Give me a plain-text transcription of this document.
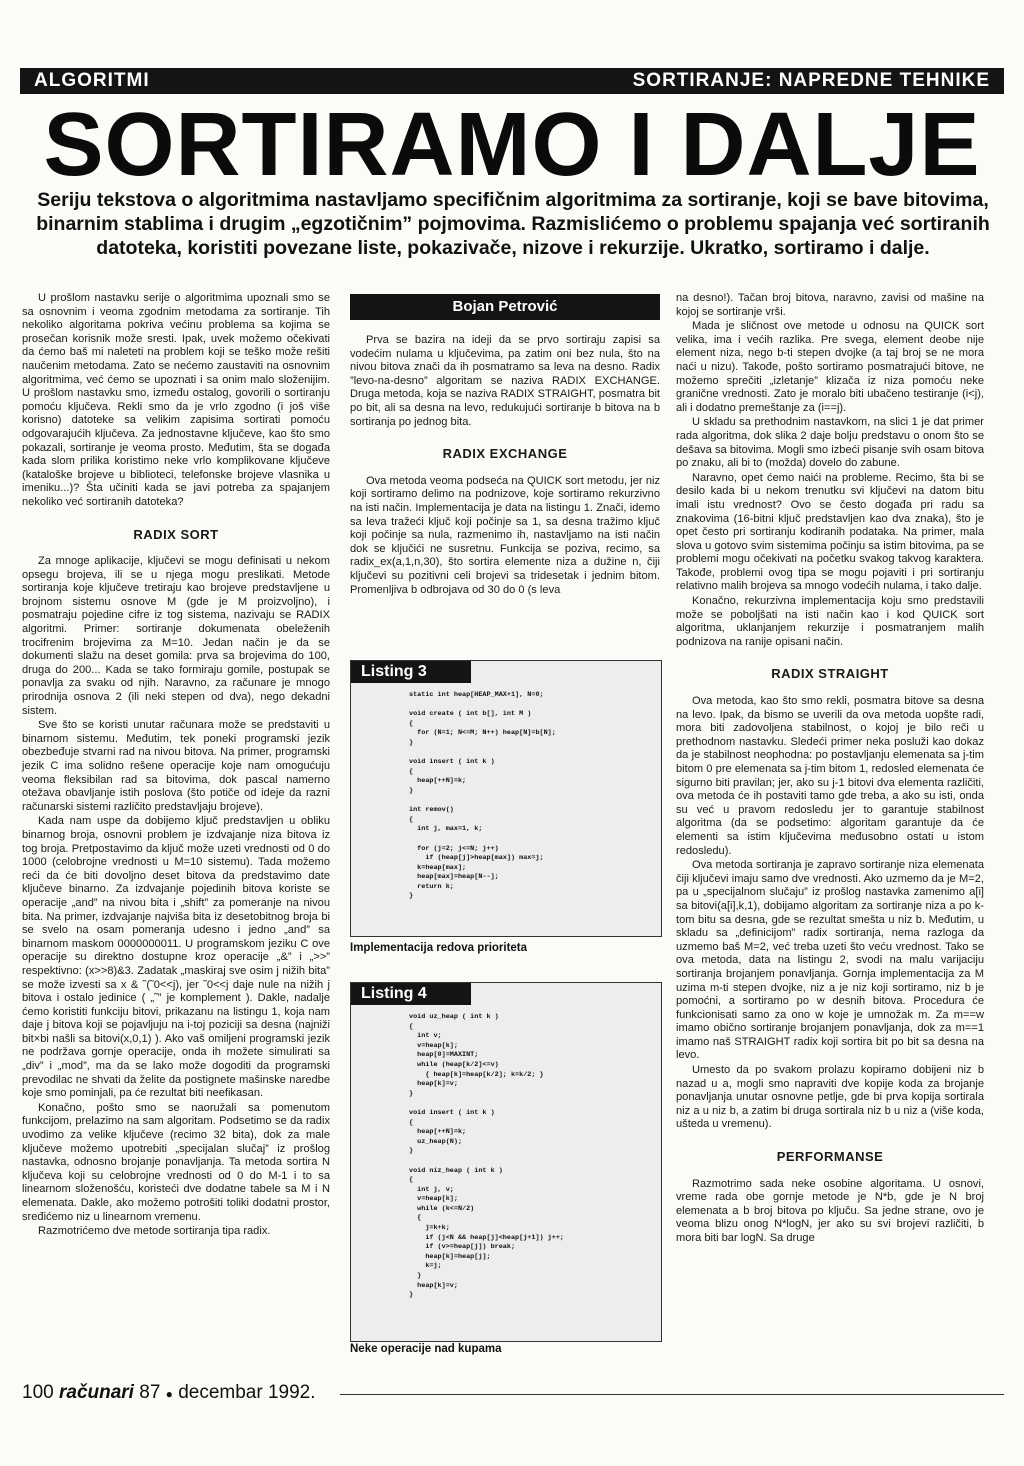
ALGORITMI	SORTIRANJE: NAPREDNE TEHNIKE
SORTIRAMO I DALJE
Seriju tekstova o algoritmima nastavljamo specifičnim algoritmima za sortiranje, koji se bave bitovima, binarnim stablima i drugim „egzotičnim” pojmovima. Razmislićemo o problemu spajanja već sortiranih datoteka, koristiti povezane liste, pokazivače, nizove i rekurzije. Ukratko, sortiramo i dalje.

U prošlom nastavku serije o algoritmima upoznali smo se sa osnovnim i veoma zgodnim metodama za sortiranje. Tih nekoliko algoritama pokriva većinu problema sa kojima se prosečan korisnik može sresti. Ipak, uvek možemo očekivati da ćemo baš mi naleteti na problem koji se teško može rešiti naučenim metodama. Zato se nećemo zaustaviti na osnovnim algoritmima, već ćemo se upoznati i sa onim malo složenijim. U prošlom nastavku smo, između ostalog, govorili o sortiranju pomoću ključeva. Rekli smo da je vrlo zgodno (i još više korisno) datoteke sa velikim zapisima sortirati pomoću odgovarajućih ključeva. Za jednostavne ključeve, kao što smo pokazali, sortiranje je veoma prosto. Međutim, šta se događa kada slom prilika koristimo neke vrlo komplikovane ključeve (kataloške brojeve u biblioteci, telefonske brojeve vlasnika u imeniku...)? Šta učiniti kada se javi potreba za spajanjem nekoliko već sortiranih datoteka?

RADIX SORT

Za mnoge aplikacije, ključevi se mogu definisati u nekom opsegu brojeva, ili se u njega mogu preslikati. Metode sortiranja koje ključeve tretiraju kao brojeve predstavljene u brojnom sistemu osnove M (gde je M proizvoljno), i posmatraju pojedine cifre iz tog sistema, nazivaju se RADIX algoritmi. Primer: sortiranje dokumenata obeleženih trocifrenim brojevima za M=10. Jedan način je da se dokumenti slažu na deset gomila: prva sa brojevima do 100, druga do 200... Kada se tako formiraju gomile, postupak se ponavlja za svaku od njih. Naravno, za računare je mnogo prirodnija osnova 2 (ili neki stepen od dva), nego dekadni sistem.

Sve što se koristi unutar računara može se predstaviti u binarnom sistemu. Međutim, tek poneki programski jezik obezbeđuje stvarni rad na nivou bitova. Na primer, programski jezik C ima solidno rešene operacije koje nam omogućuju veoma fleksibilan rad sa bitovima, dok pascal namerno otežava obavljanje istih poslova (što potiče od ideje da razni računarski sistemi različito predstavljaju brojeve).

Kada nam uspe da dobijemo ključ predstavljen u obliku binarnog broja, osnovni problem je izdvajanje niza bitova iz tog broja. Pretpostavimo da ključ može uzeti vrednosti od 0 do 1000 (celobrojne vrednosti u M=10 sistemu). Tada možemo reći da će biti dovoljno deset bitova da predstavimo date ključeve binarno. Za izdvajanje pojedinih bitova koriste se operacije „and” na nivou bita i „shift” za pomeranje na nivou bita. Na primer, izdvajanje najviša bita iz desetobitnog broja bi se svelo na osam pomeranja udesno i jedno „and” sa binarnom maskom 0000000011. U programskom jeziku C ove operacije su direktno dostupne kroz operacije „&” i „>>” respektivno: (x>>8)&3. Zadatak „maskiraj sve osim j nižih bita” se može izvesti sa x & ˜(˜0<<j), jer ˜0<<j daje nule na nižih j bitova i ostalo jedinice ( „˜” je komplement ). Dakle, nadalje ćemo koristiti funkciju bitovi, prikazanu na listingu 1, koja nam daje j bitova koji se pojavljuju na i-toj poziciji sa desna (najniži bit×bi našli sa bitovi(x,0,1) ). Ako vaš omiljeni programski jezik ne podržava gornje operacije, onda ih možete simulirati sa „div” i „mod”, ma da se lako može dogoditi da programski prevodilac ne shvati da želite da postignete mašinske naredbe koje smo pominjali, pa će rezultat biti neefikasan.

Konačno, pošto smo se naoružali sa pomenutom funkcijom, prelazimo na sam algoritam. Podsetimo se da radix uvodimo za velike ključeve (recimo 32 bita), dok za male ključeve možemo upotrebiti „specijalan slučaj” iz prošlog nastavka, odnosno brojanje ponavljanja. Ta metoda sortira N ključeva koji su celobrojne vrednosti od 0 do M-1 i to sa linearnom složenošću, koristeći dve dodatne tabele sa M i N elemenata. Dakle, ako možemo potrošiti toliki dodatni prostor, sređićemo niz u linearnom vremenu.

Razmotrićemo dve metode sortiranja tipa radix.

Bojan Petrović

Prva se bazira na ideji da se prvo sortiraju zapisi sa vodećim nulama u ključevima, pa zatim oni bez nula, što na nivou bitova znači da ih posmatramo sa leva na desno. Radix ”levo-na-desno” algoritam se naziva RADIX EXCHANGE. Druga metoda, koja se naziva RADIX STRAIGHT, posmatra bit po bit, ali sa desna na levo, redukujući sortiranje b bitova na b sortiranja po jednog bita.

RADIX EXCHANGE

Ova metoda veoma podseća na QUICK sort metodu, jer niz koji sortiramo delimo na podnizove, koje sortiramo rekurzivno na isti način. Implementacija je data na listingu 1. Znači, idemo sa leva tražeći ključ koji počinje sa 1, sa desna tražimo ključ koji počinje sa nula, razmenimo ih, nastavljamo na isti način dok se ključići ne susretnu. Funkcija se poziva, recimo, sa radix_ex(a,1,n,30), što sortira elemente niza a dužine n, čiji ključevi su pozitivni celi brojevi sa tridesetak i jednim bitom. Promenljiva b odbrojava od 30 do 0 (s leva

Listing 3
static int heap[HEAP_MAX+1], N=0;

void create ( int b[], int M )
{
for (N=1; N<=M; N++) heap[N]=b[N];
}

void insert ( int k )
{
heap[++N]=k;
}

int remov()
{
int j, max=1, k;

for (j=2; j<=N; j++)
if (heap[j]>heap[max]) max=j;
k=heap[max];
heap[max]=heap[N--];
return k;
}
Implementacija redova prioriteta
Listing 4
void uz_heap ( int k )
{
int v;
v=heap[k];
heap[0]=MAXINT;
while (heap[k/2]<=v)
{ heap[k]=heap[k/2]; k=k/2; }
heap[k]=v;
}

void insert ( int k )
{
heap[++N]=k;
uz_heap(N);
}

void niz_heap ( int k )
{
int j, v;
v=heap[k];
while (k<=N/2)
{
j=k+k;
if (j<N && heap[j]<heap[j+1]) j++;
if (v>=heap[j]) break;
heap[k]=heap[j];
k=j;
}
heap[k]=v;
}
Neke operacije nad kupama

na desno!). Tačan broj bitova, naravno, zavisi od mašine na kojoj se sortiranje vrši.

Mada je sličnost ove metode u odnosu na QUICK sort velika, ima i većih razlika. Pre svega, element deobe nije element niza, nego b-ti stepen dvojke (a taj broj se ne mora naći u nizu). Takođe, pošto sortiramo posmatrajući bitove, ne možemo sprečiti „izletanje” klizača iz niza pomoću neke granične vrednosti. Zato je moralo biti ubačeno testiranje (i<j), ali i dodatno premeštanje za (i==j).

U skladu sa prethodnim nastavkom, na slici 1 je dat primer rada algoritma, dok slika 2 daje bolju predstavu o onom što se dešava sa bitovima. Mogli smo izbeći pisanje svih osam bitova po znaku, ali bi to (možda) dovelo do zabune.

Naravno, opet ćemo naići na probleme. Recimo, šta bi se desilo kada bi u nekom trenutku svi ključevi na datom bitu imali istu vrednost? Ovo se često događa pri radu sa znakovima (16-bitni ključ predstavljen kao dva znaka), što je opet često pri sortiranju kodiranih podataka. Na primer, mala slova u gotovo svim sistemima počinju sa istim bitovima, pa se problemi mogu očekivati na početku svakog takvog karaktera. Takođe, problemi ovog tipa se mogu pojaviti i pri sortiranju relativno malih brojeva sa mnogo vodećih nulama, i tako dalje.

Konačno, rekurzivna implementacija koju smo predstavili može se poboljšati na isti način kao i kod QUICK sort algoritma, uklanjanjem rekurzije i posmatranjem malih podnizova na ranije opisani način.

RADIX STRAIGHT

Ova metoda, kao što smo rekli, posmatra bitove sa desna na levo. Ipak, da bismo se uverili da ova metoda uopšte radi, mora biti zadovoljena stabilnost, o kojoj je bilo reči u prethodnom nastavku. Sledeći primer neka posluži kao dokaz da je stabilnost neophodna: po postavljanju elemenata sa j-tim bitom 0 pre elemenata sa j-tim bitom 1, redosled elemenata će sigurno biti pravilan; jer, ako su j-1 bitovi dva elementa različiti, ova metoda će ih postaviti tamo gde treba, a ako su isti, onda su već u pravom redosledu jer to garantuje stabilnost algoritma (da se podsetimo: algoritam garantuje da će elementi sa istim ključevima međusobno ostati u istom redosledu).

Ova metoda sortiranja je zapravo sortiranje niza elemenata čiji ključevi imaju samo dve vrednosti. Ako uzmemo da je M=2, pa u „specijalnom slučaju” iz prošlog nastavka zamenimo a[i] sa bitovi(a[i],k,1), dobijamo algoritam za sortiranje niza a po k-tom bitu sa desna, gde se rezultat smešta u niz b. Međutim, u skladu sa „definicijom” radix sortiranja, nema razloga da uzmemo baš M=2, već treba uzeti što veću vrednost. Tako se ova metoda, data na listingu 2, svodi na malu varijaciju sortiranja brojanjem ponavljanja. Gornja implementacija za M uzima m-ti stepen dvojke, niz a je niz koji sortiramo, niz b je pomoćni, a sortiramo po w desnih bitova. Procedura će funkcionisati samo za ono w koje je umnožak m. Za m==w imamo obično sortiranje brojanjem ponavljanja, dok za m==1 imamo naš STRAIGHT radix koji sortira bit po bit sa desna na levo.

Umesto da po svakom prolazu kopiramo dobijeni niz b nazad u a, mogli smo napraviti dve kopije koda za brojanje ponavljanja unutar osnovne petlje, gde bi prva kopija sortirala niz a u niz b, a zatim bi druga sortirala niz b u niz a (više koda, ušteda u vremenu).

PERFORMANSE

Razmotrimo sada neke osobine algoritama. U osnovi, vreme rada obe gornje metode je N*b, gde je N broj elemenata a b broj bitova po ključu. Sa jedne strane, ovo je veoma blizu onog N*logN, jer ako su svi brojevi različiti, b mora biti bar logN. Sa druge

100 računari 87 ● decembar 1992.
